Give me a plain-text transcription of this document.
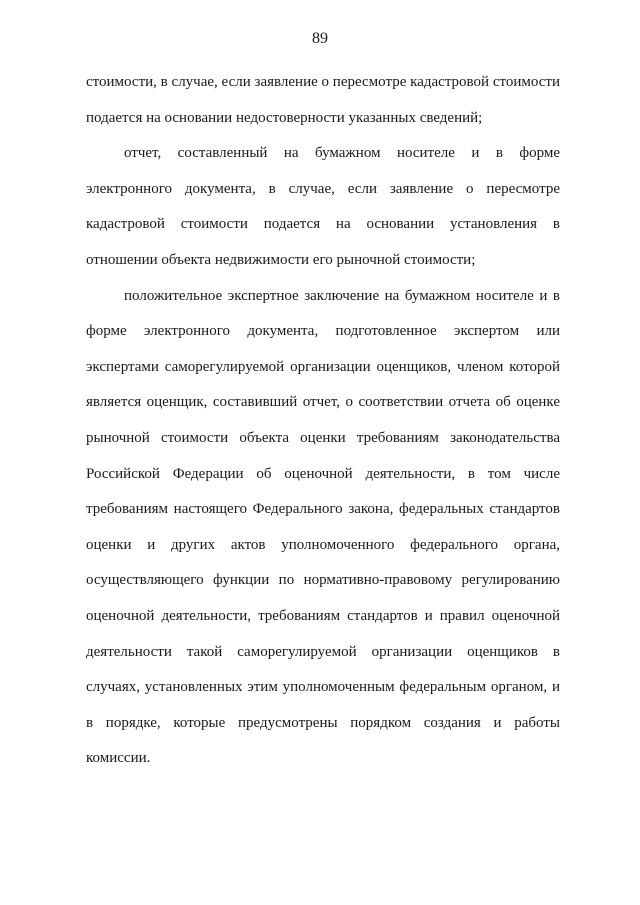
89

стоимости, в случае, если заявление о пересмотре кадастровой стоимости подается на основании недостоверности указанных сведений;

отчет, составленный на бумажном носителе и в форме электронного документа, в случае, если заявление о пересмотре кадастровой стоимости подается на основании установления в отношении объекта недвижимости его рыночной стоимости;

положительное экспертное заключение на бумажном носителе и в форме электронного документа, подготовленное экспертом или экспертами саморегулируемой организации оценщиков, членом которой является оценщик, составивший отчет, о соответствии отчета об оценке рыночной стоимости объекта оценки требованиям законодательства Российской Федерации об оценочной деятельности, в том числе требованиям настоящего Федерального закона, федеральных стандартов оценки и других актов уполномоченного федерального органа, осуществляющего функции по нормативно-правовому регулированию оценочной деятельности, требованиям стандартов и правил оценочной деятельности такой саморегулируемой организации оценщиков в случаях, установленных этим уполномоченным федеральным органом, и в порядке, которые предусмотрены порядком создания и работы комиссии.
